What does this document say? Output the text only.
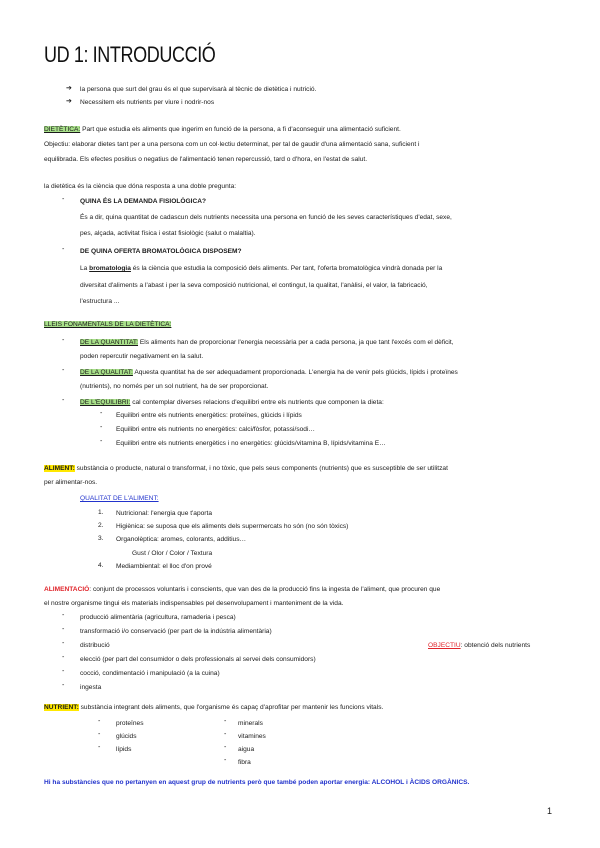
UD 1: INTRODUCCIÓ
➔ la persona que surt del grau és el que supervisarà al tècnic de dietètica i nutrició.
➔ Necessitem els nutrients per viure i nodrir-nos
DIETÈTICA: Part que estudia els aliments que ingerim en funció de la persona, a fi d'aconseguir una alimentació suficient.
Objectiu: elaborar dietes tant per a una persona com un col·lectiu determinat, per tal de gaudir d'una alimentació sana, suficient i
equilibrada. Els efectes positius o negatius de l'alimentació tenen repercussió, tard o d'hora, en l'estat de salut.
la dietètica és la ciència que dóna resposta a una doble pregunta:
- QUINA ÉS LA DEMANDA FISIOLÒGICA?
És a dir, quina quantitat de cadascun dels nutrients necessita una persona en funció de les seves característiques d'edat, sexe,
pes, alçada, activitat física i estat fisiològic (salut o malaltia).
- DE QUINA OFERTA BROMATOLÒGICA DISPOSEM?
La bromatologia és la ciència que estudia la composició dels aliments. Per tant, l'oferta bromatològica vindrà donada per la
diversitat d'aliments a l'abast i per la seva composició nutricional, el contingut, la qualitat, l'anàlisi, el valor, la fabricació,
l'estructura ...
LLEIS FONAMENTALS DE LA DIETÈTICA:
- DE LA QUANTITAT: Els aliments han de proporcionar l'energia necessària per a cada persona, ja que tant l'excés com el dèficit,
poden repercutir negativament en la salut.
- DE LA QUALITAT: Aquesta quantitat ha de ser adequadament proporcionada. L'energia ha de venir pels glúcids, lípids i proteïnes
(nutrients), no només per un sol nutrient, ha de ser proporcionat.
- DE L'EQUILIBRI: cal contemplar diverses relacions d'equilibri entre els nutrients que componen la dieta:
- Equilibri entre els nutrients energètics: proteïnes, glúcids i lípids
- Equilibri entre els nutrients no energètics: calci/fòsfor, potassi/sodi…
- Equilibri entre els nutrients energètics i no energètics: glúcids/vitamina B, lípids/vitamina E…
ALIMENT: substància o producte, natural o transformat, i no tòxic, que pels seus components (nutrients) que es susceptible de ser utilitzat
per alimentar-nos.
QUALITAT DE L'ALIMENT:
1. Nutricional: l'energia que t'aporta
2. Higiènica: se suposa que els aliments dels supermercats ho són (no són tòxics)
3. Organolèptica: aromes, colorants, additius…
Gust / Olor / Color / Textura
4. Mediambiental: el lloc d'on prové
ALIMENTACIÓ: conjunt de processos voluntaris i conscients, que van des de la producció fins la ingesta de l'aliment, que procuren que
el nostre organisme tingui els materials indispensables pel desenvolupament i manteniment de la vida.
- producció alimentària (agricultura, ramaderia i pesca)
- transformació i/o conservació (per part de la indústria alimentària)
- distribució	OBJECTIU: obtenció dels nutrients
- elecció (per part del consumidor o dels professionals al servei dels consumidors)
- cocció, condimentació i manipulació (a la cuina)
- ingesta
NUTRIENT: substància integrant dels aliments, que l'organisme és capaç d'aprofitar per mantenir les funcions vitals.
- proteïnes
- glúcids
- lípids
- minerals
- vitamines
- aigua
- fibra
Hi ha substàncies que no pertanyen en aquest grup de nutrients però que també poden aportar energia: ALCOHOL i ÀCIDS ORGÀNICS.
1
